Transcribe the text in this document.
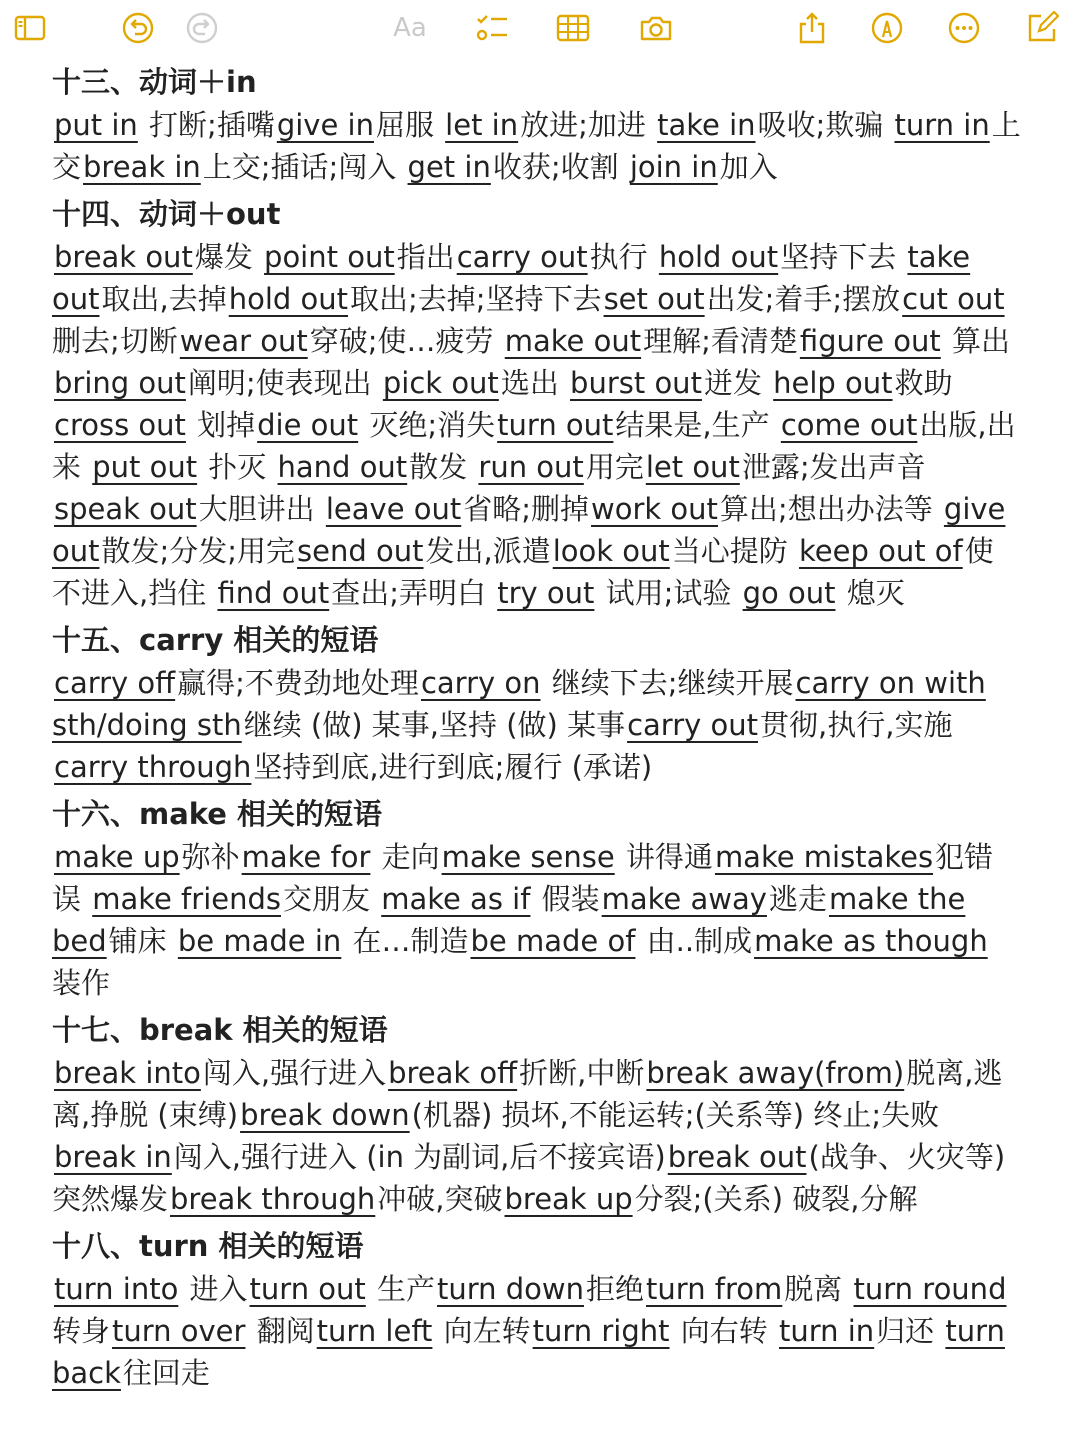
Aa
十三、动词＋in
put in 打断;插嘴give in屈服 let in放进;加进 take in吸收;欺骗 turn in上交break in上交;插话;闯入 get in收获;收割 join in加入
十四、动词＋out
break out爆发 point out指出carry out执行 hold out坚持下去 take out取出,去掉hold out取出;去掉;坚持下去set out出发;着手;摆放cut out 删去;切断wear out穿破;使…疲劳 make out理解;看清楚figure out 算出bring out阐明;使表现出 pick out选出 burst out迸发 help out救助cross out 划掉die out 灭绝;消失turn out结果是,生产 come out出版,出来 put out 扑灭 hand out散发 run out用完let out泄露;发出声音 speak out大胆讲出 leave out省略;删掉work out算出;想出办法等 give out散发;分发;用完send out发出,派遣look out当心提防 keep out of使不进入,挡住 find out查出;弄明白 try out 试用;试验 go out 熄灭
十五、carry 相关的短语
carry off赢得;不费劲地处理carry on 继续下去;继续开展carry on with sth/doing sth继续 (做) 某事,坚持 (做) 某事carry out贯彻,执行,实施carry through坚持到底,进行到底;履行 (承诺)
十六、make 相关的短语
make up弥补make for 走向make sense 讲得通make mistakes犯错误 make friends交朋友 make as if 假装make away逃走make the bed铺床 be made in 在…制造be made of 由..制成make as though 装作
十七、break 相关的短语
break into闯入,强行进入break off折断,中断break away(from)脱离,逃离,挣脱 (束缚)break down(机器) 损坏,不能运转;(关系等) 终止;失败 break in闯入,强行进入 (in 为副词,后不接宾语)break out(战争、火灾等) 突然爆发break through冲破,突破break up分裂;(关系) 破裂,分解
十八、turn 相关的短语
turn into 进入turn out 生产turn down拒绝turn from脱离 turn round 转身turn over 翻阅turn left 向左转turn right 向右转 turn in归还 turn back往回走
